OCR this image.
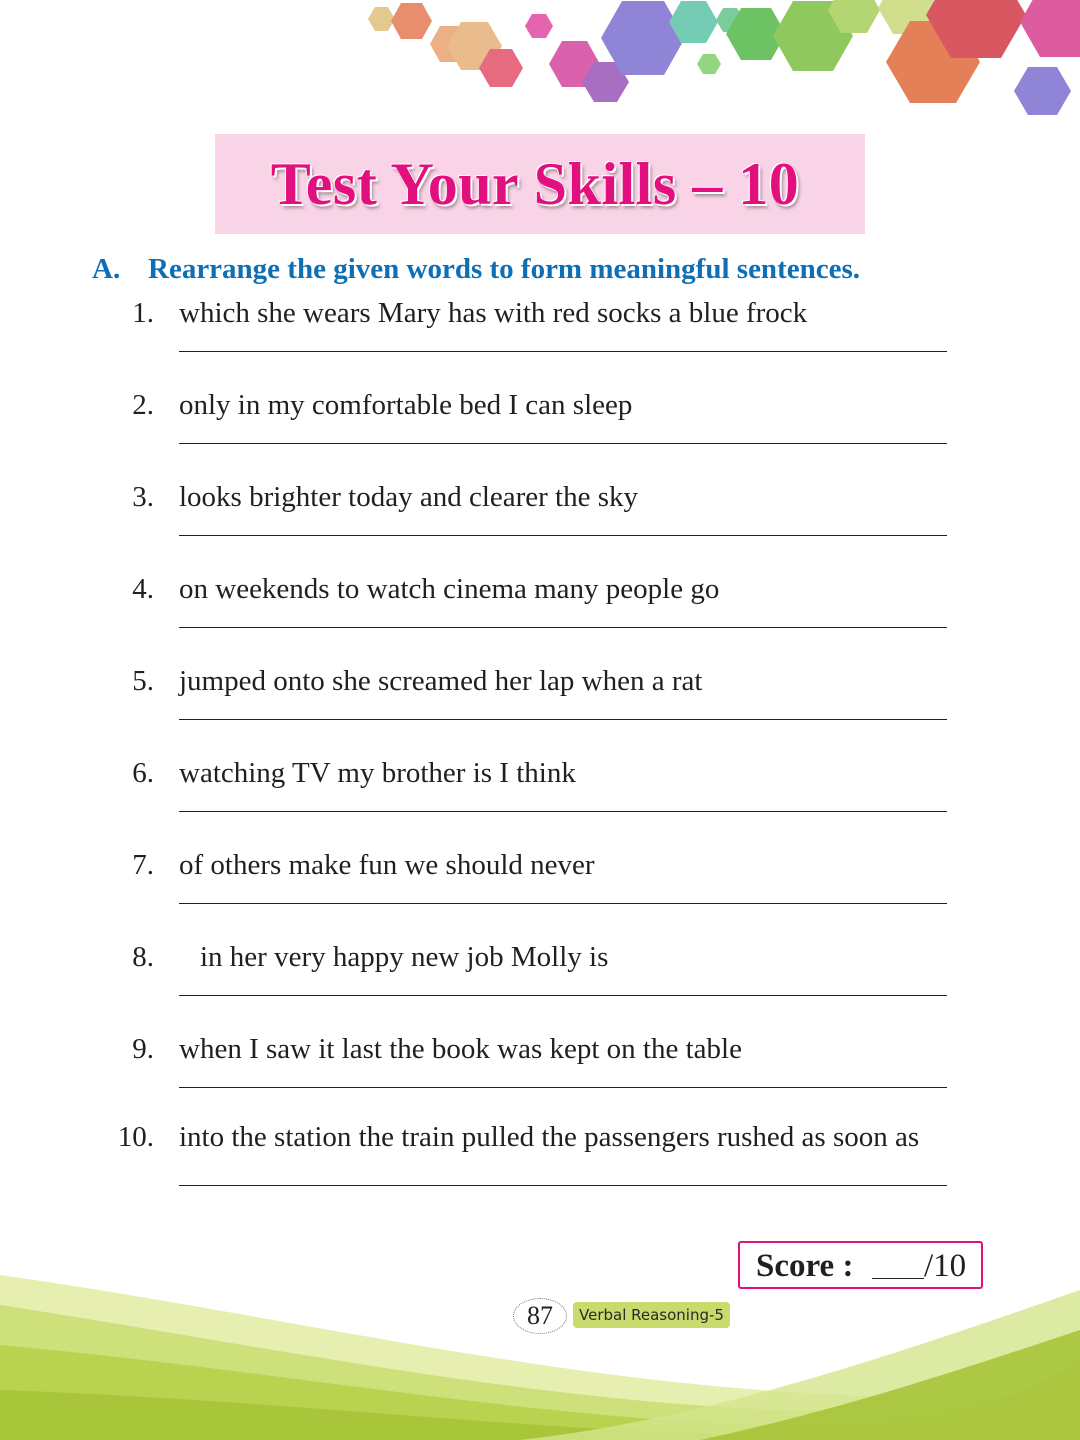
Test Your Skills – 10
A. Rearrange the given words to form meaningful sentences.
1. which she wears Mary has with red socks a blue frock
2. only in my comfortable bed I can sleep
3. looks brighter today and clearer the sky
4. on weekends to watch cinema many people go
5. jumped onto she screamed her lap when a rat
6. watching TV my brother is I think
7. of others make fun we should never
8. in her very happy new job Molly is
9. when I saw it last the book was kept on the table
10. into the station the train pulled the passengers rushed as soon as
Score : /10
87	Verbal Reasoning-5
